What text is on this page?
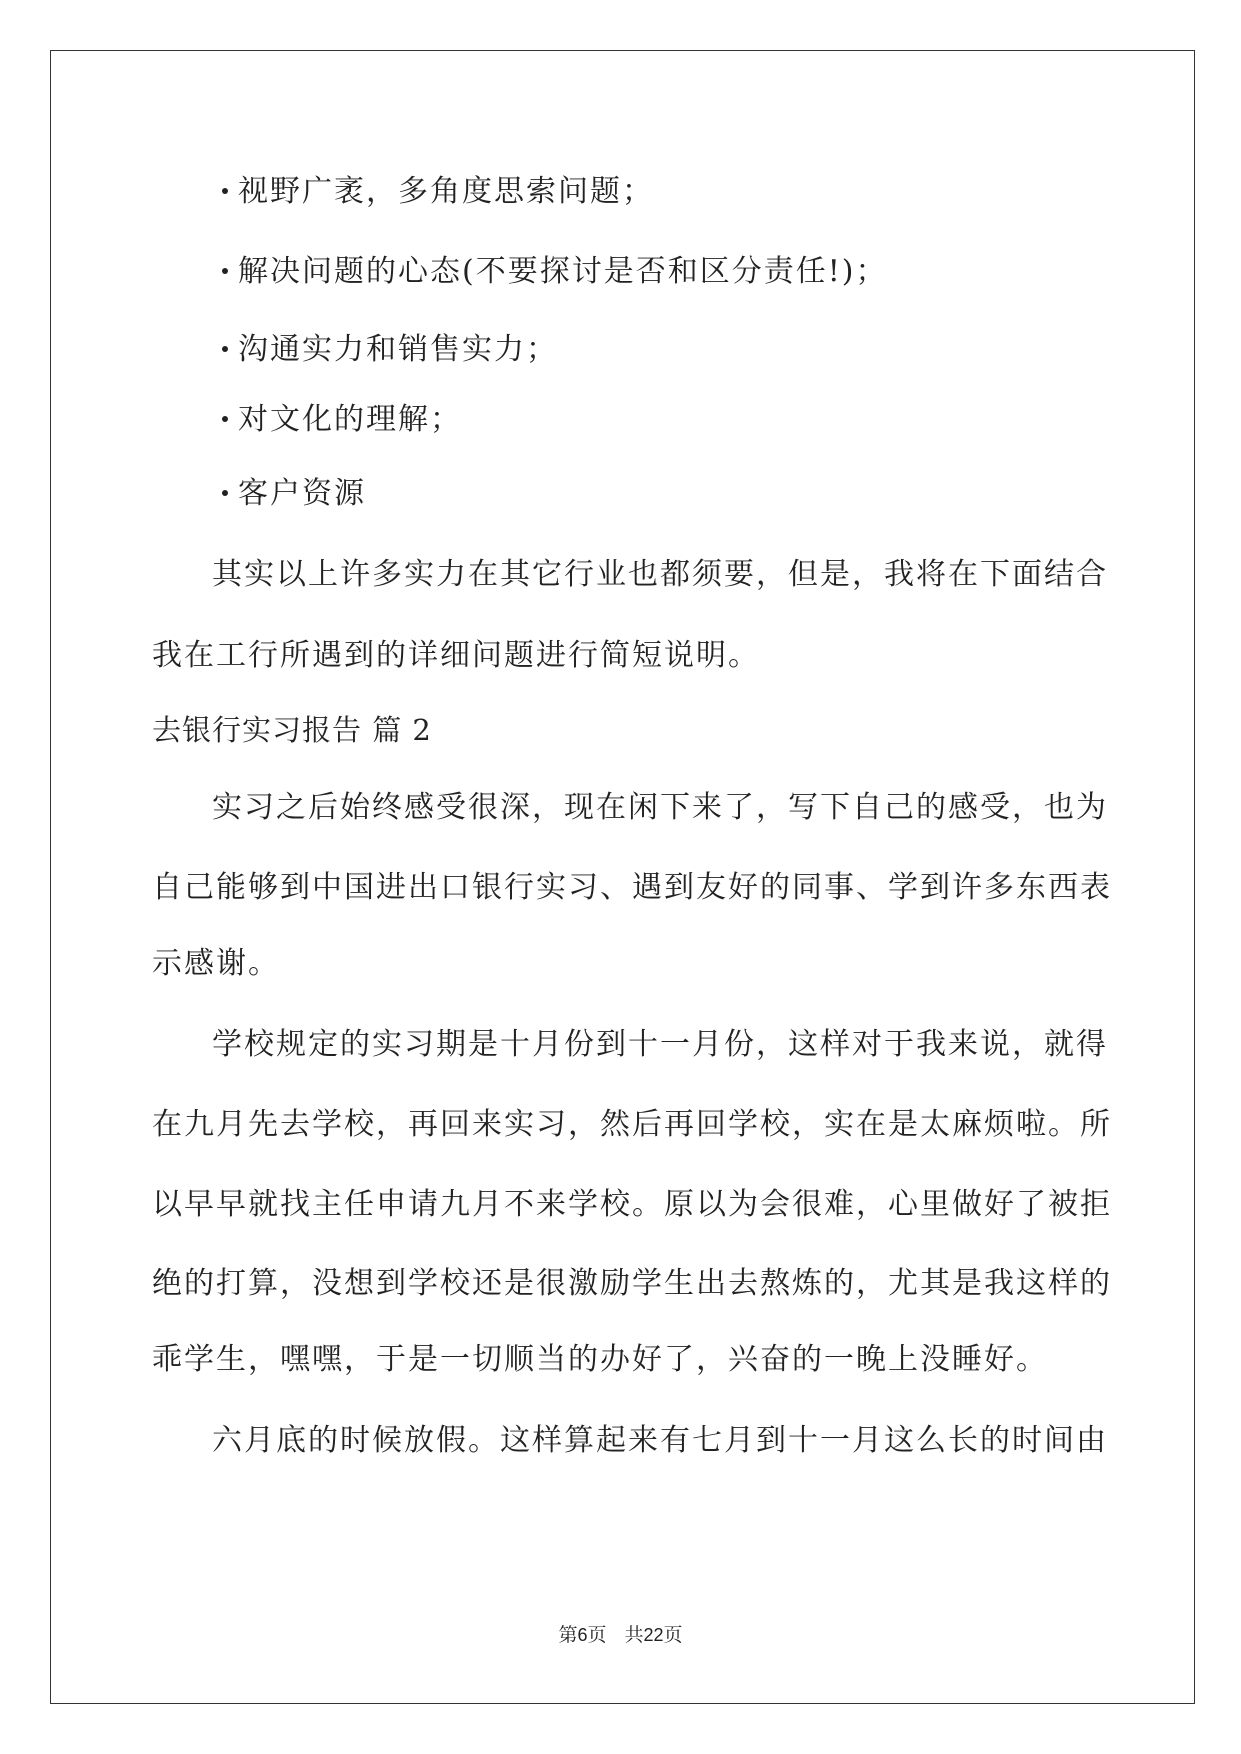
视野广袤，多角度思索问题；
解决问题的心态(不要探讨是否和区分责任!)；
沟通实力和销售实力；
对文化的理解；
客户资源
其实以上许多实力在其它行业也都须要，但是，我将在下面结合
我在工行所遇到的详细问题进行简短说明。
去银行实习报告 篇 2
实习之后始终感受很深，现在闲下来了，写下自己的感受，也为
自己能够到中国进出口银行实习、遇到友好的同事、学到许多东西表
示感谢。
学校规定的实习期是十月份到十一月份，这样对于我来说，就得
在九月先去学校，再回来实习，然后再回学校，实在是太麻烦啦。所
以早早就找主任申请九月不来学校。原以为会很难，心里做好了被拒
绝的打算，没想到学校还是很激励学生出去熬炼的，尤其是我这样的
乖学生，嘿嘿，于是一切顺当的办好了，兴奋的一晚上没睡好。
六月底的时候放假。这样算起来有七月到十一月这么长的时间由
第6页 共22页
